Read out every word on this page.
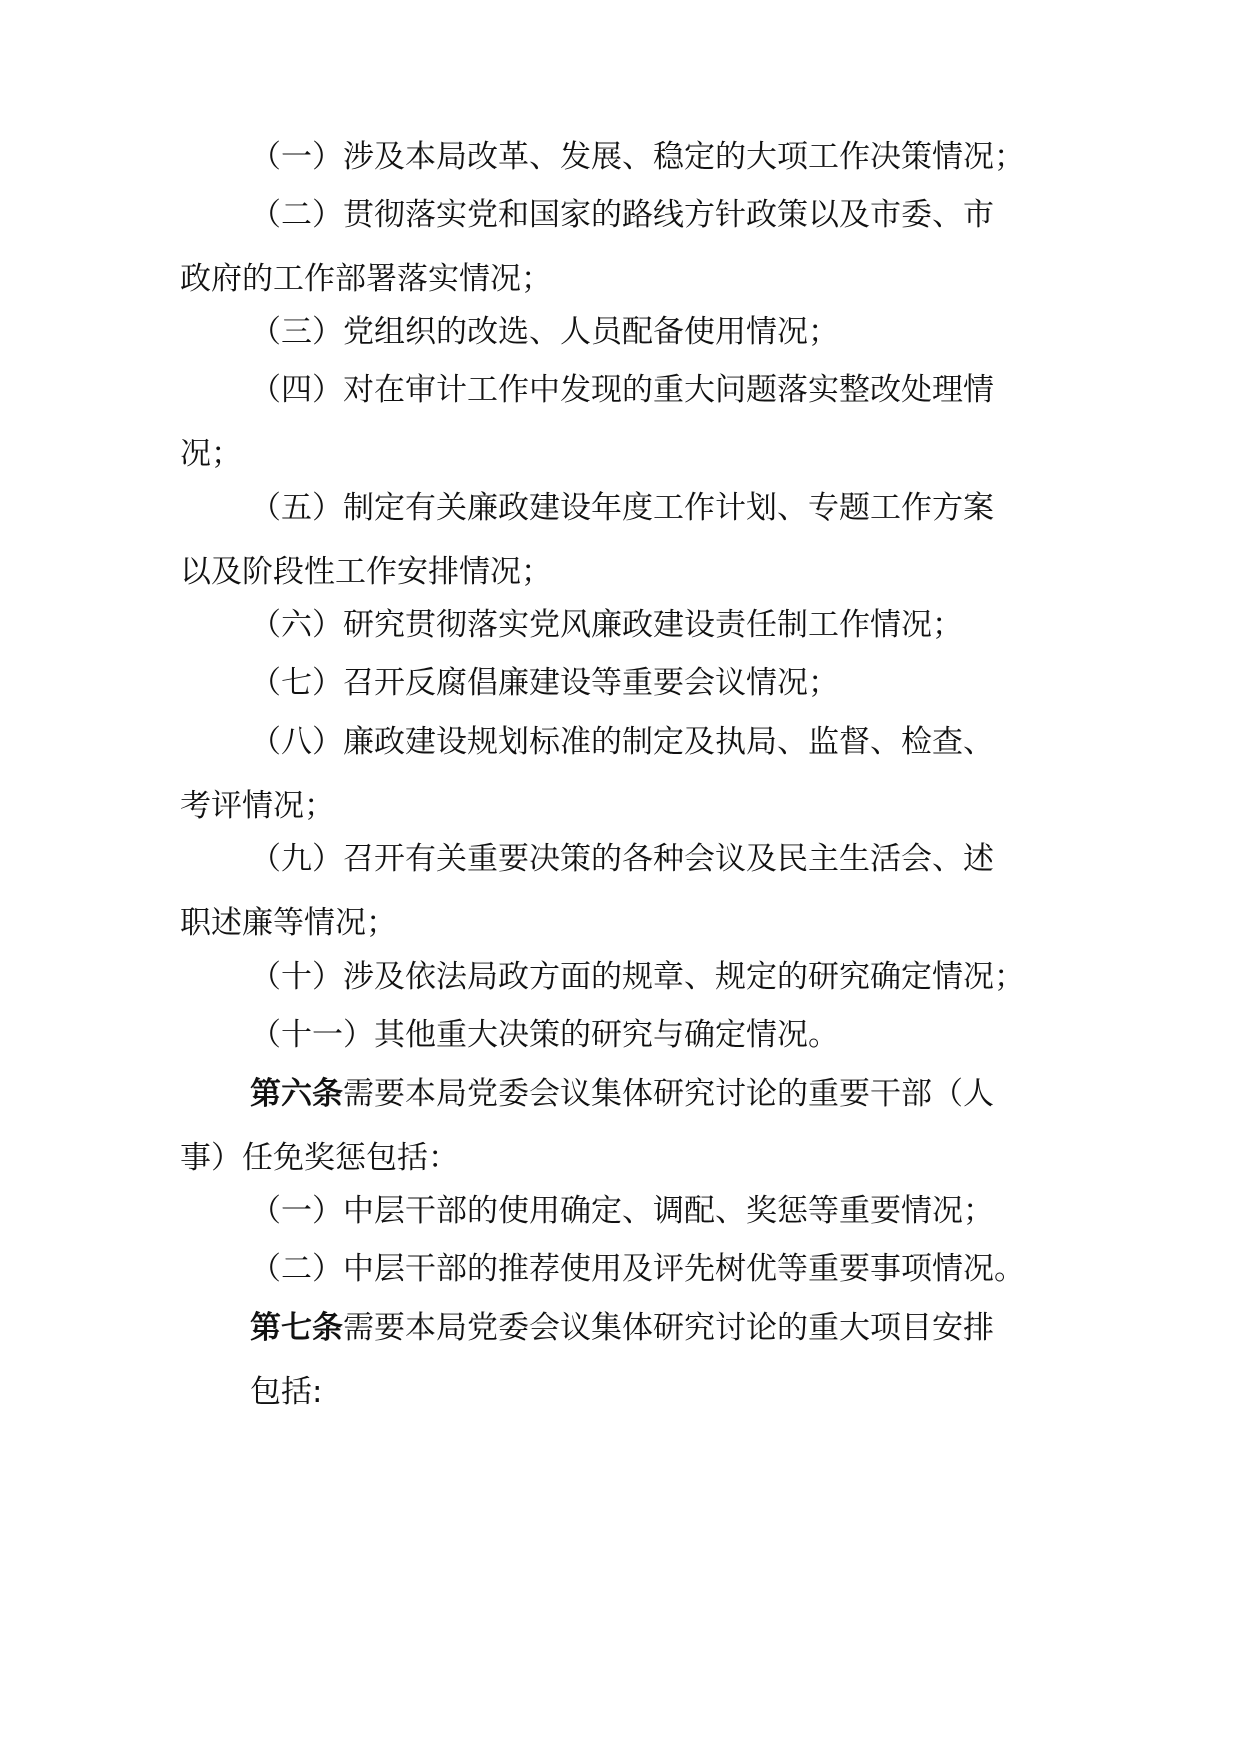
（一）涉及本局改革、发展、稳定的大项工作决策情况；

（二）贯彻落实党和国家的路线方针政策以及市委、市
政府的工作部署落实情况；

（三）党组织的改选、人员配备使用情况；

（四）对在审计工作中发现的重大问题落实整改处理情
况；

（五）制定有关廉政建设年度工作计划、专题工作方案
以及阶段性工作安排情况；

（六）研究贯彻落实党风廉政建设责任制工作情况；

（七）召开反腐倡廉建设等重要会议情况；

（八）廉政建设规划标准的制定及执局、监督、检查、
考评情况；

（九）召开有关重要决策的各种会议及民主生活会、述
职述廉等情况；

（十）涉及依法局政方面的规章、规定的研究确定情况；

（十一）其他重大决策的研究与确定情况。

第六条需要本局党委会议集体研究讨论的重要干部（人
事）任免奖惩包括：

（一）中层干部的使用确定、调配、奖惩等重要情况；

（二）中层干部的推荐使用及评先树优等重要事项情况。

第七条需要本局党委会议集体研究讨论的重大项目安排
包括:
